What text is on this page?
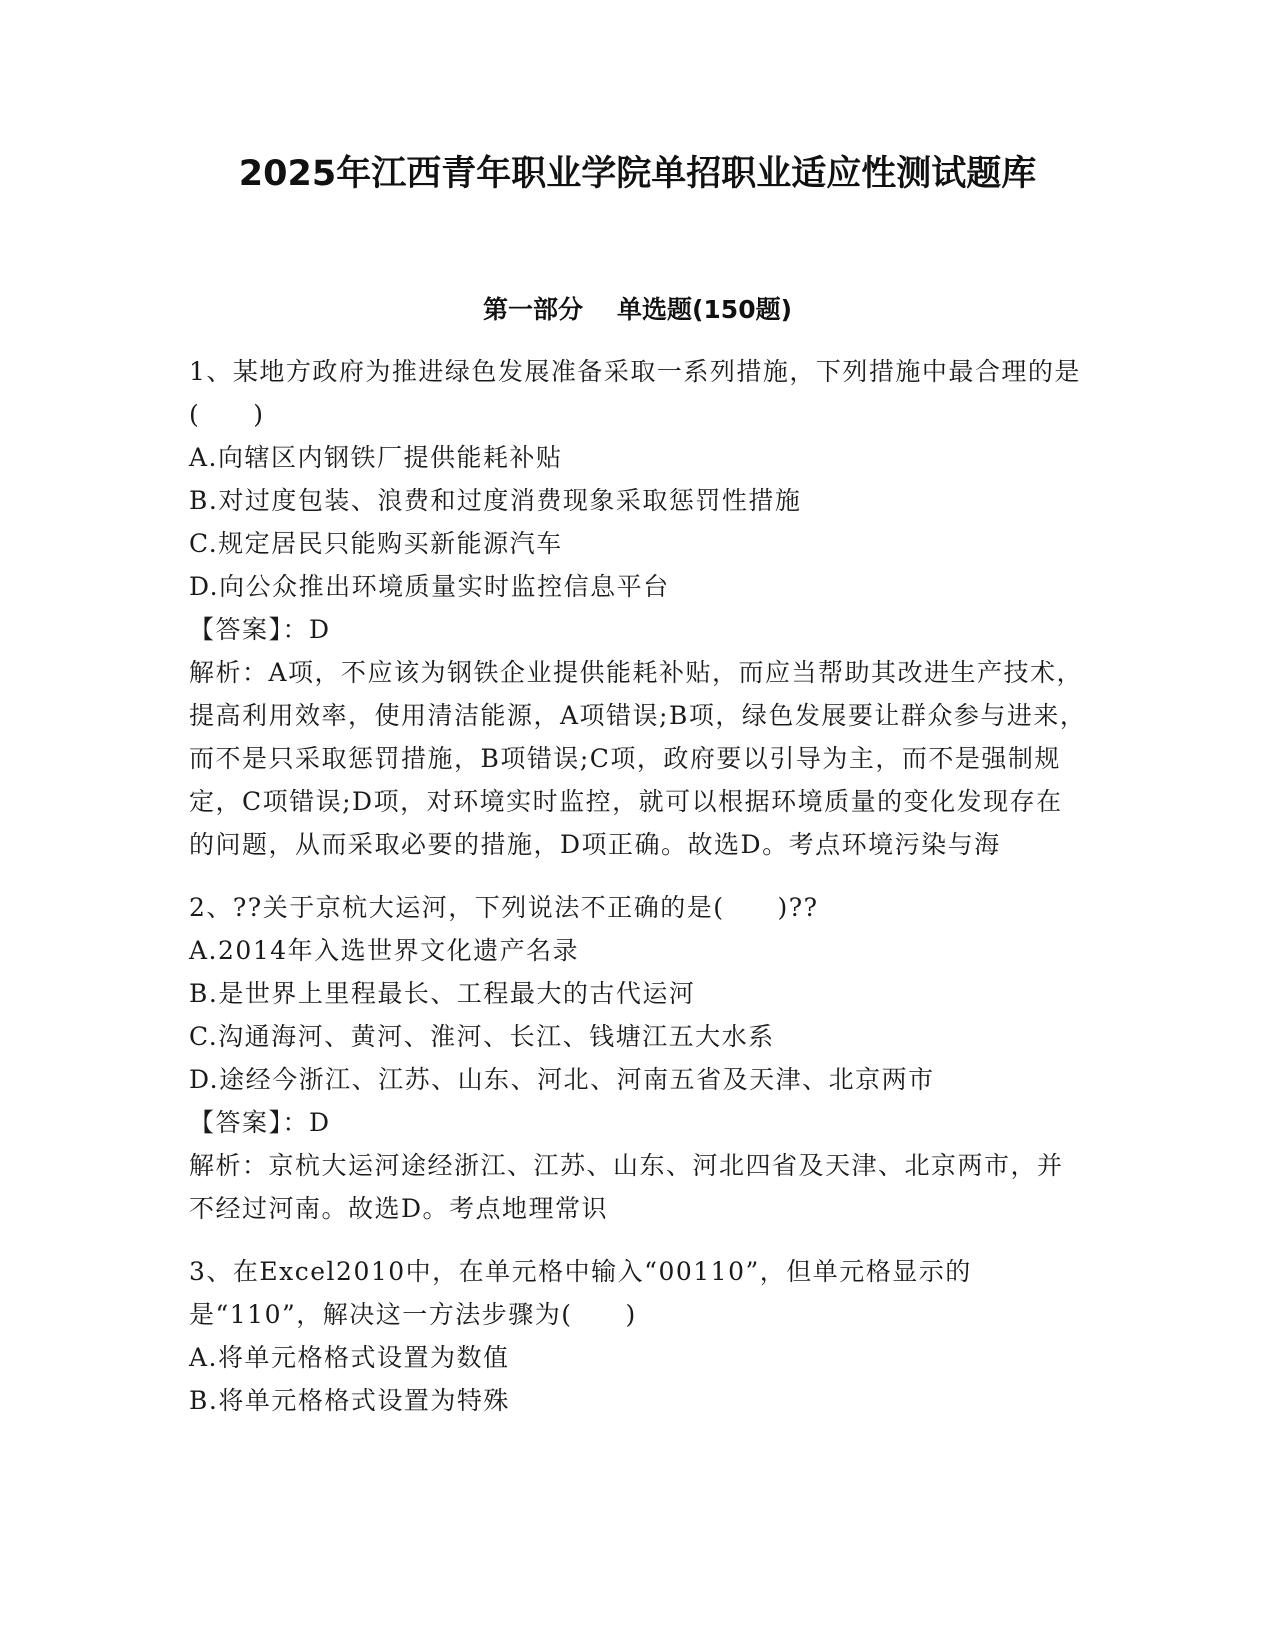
2025年江西青年职业学院单招职业适应性测试题库
第一部分 单选题(150题)

1、某地方政府为推进绿色发展准备采取一系列措施，下列措施中最合理的是(　　)

A.向辖区内钢铁厂提供能耗补贴

B.对过度包装、浪费和过度消费现象采取惩罚性措施

C.规定居民只能购买新能源汽车

D.向公众推出环境质量实时监控信息平台

【答案】：D

解析：A项，不应该为钢铁企业提供能耗补贴，而应当帮助其改进生产技术，提高利用效率，使用清洁能源，A项错误;B项，绿色发展要让群众参与进来，而不是只采取惩罚措施，B项错误;C项，政府要以引导为主，而不是强制规定，C项错误;D项，对环境实时监控，就可以根据环境质量的变化发现存在的问题，从而采取必要的措施，D项正确。故选D。考点环境污染与海

2、??关于京杭大运河，下列说法不正确的是(　　)??

A.2014年入选世界文化遗产名录

B.是世界上里程最长、工程最大的古代运河

C.沟通海河、黄河、淮河、长江、钱塘江五大水系

D.途经今浙江、江苏、山东、河北、河南五省及天津、北京两市

【答案】：D

解析：京杭大运河途经浙江、江苏、山东、河北四省及天津、北京两市，并不经过河南。故选D。考点地理常识

3、在Excel2010中，在单元格中输入“00110”，但单元格显示的是“110”，解决这一方法步骤为(　　)

A.将单元格格式设置为数值

B.将单元格格式设置为特殊
